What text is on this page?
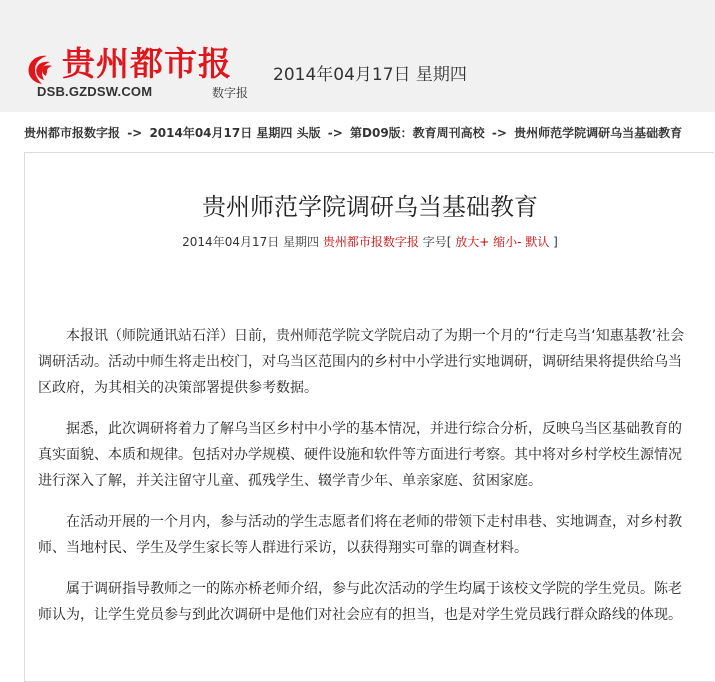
贵州都市报
DSB.GZDSW.COM	数字报
2014年04月17日 星期四
贵州都市报数字报 -> 2014年04月17日 星期四 头版 -> 第D09版：教育周刊高校 -> 贵州师范学院调研乌当基础教育
贵州师范学院调研乌当基础教育
2014年04月17日 星期四 贵州都市报数字报 字号[ 放大+ 缩小- 默认 ]

本报讯（师院通讯站石洋）日前，贵州师范学院文学院启动了为期一个月的“行走乌当‘知惠基教’社会调研活动。活动中师生将走出校门，对乌当区范围内的乡村中小学进行实地调研，调研结果将提供给乌当区政府，为其相关的决策部署提供参考数据。

据悉，此次调研将着力了解乌当区乡村中小学的基本情况，并进行综合分析，反映乌当区基础教育的真实面貌、本质和规律。包括对办学规模、硬件设施和软件等方面进行考察。其中将对乡村学校生源情况进行深入了解，并关注留守儿童、孤残学生、辍学青少年、单亲家庭、贫困家庭。

在活动开展的一个月内，参与活动的学生志愿者们将在老师的带领下走村串巷、实地调查，对乡村教师、当地村民、学生及学生家长等人群进行采访，以获得翔实可靠的调查材料。

属于调研指导教师之一的陈亦桥老师介绍，参与此次活动的学生均属于该校文学院的学生党员。陈老师认为，让学生党员参与到此次调研中是他们对社会应有的担当，也是对学生党员践行群众路线的体现。
